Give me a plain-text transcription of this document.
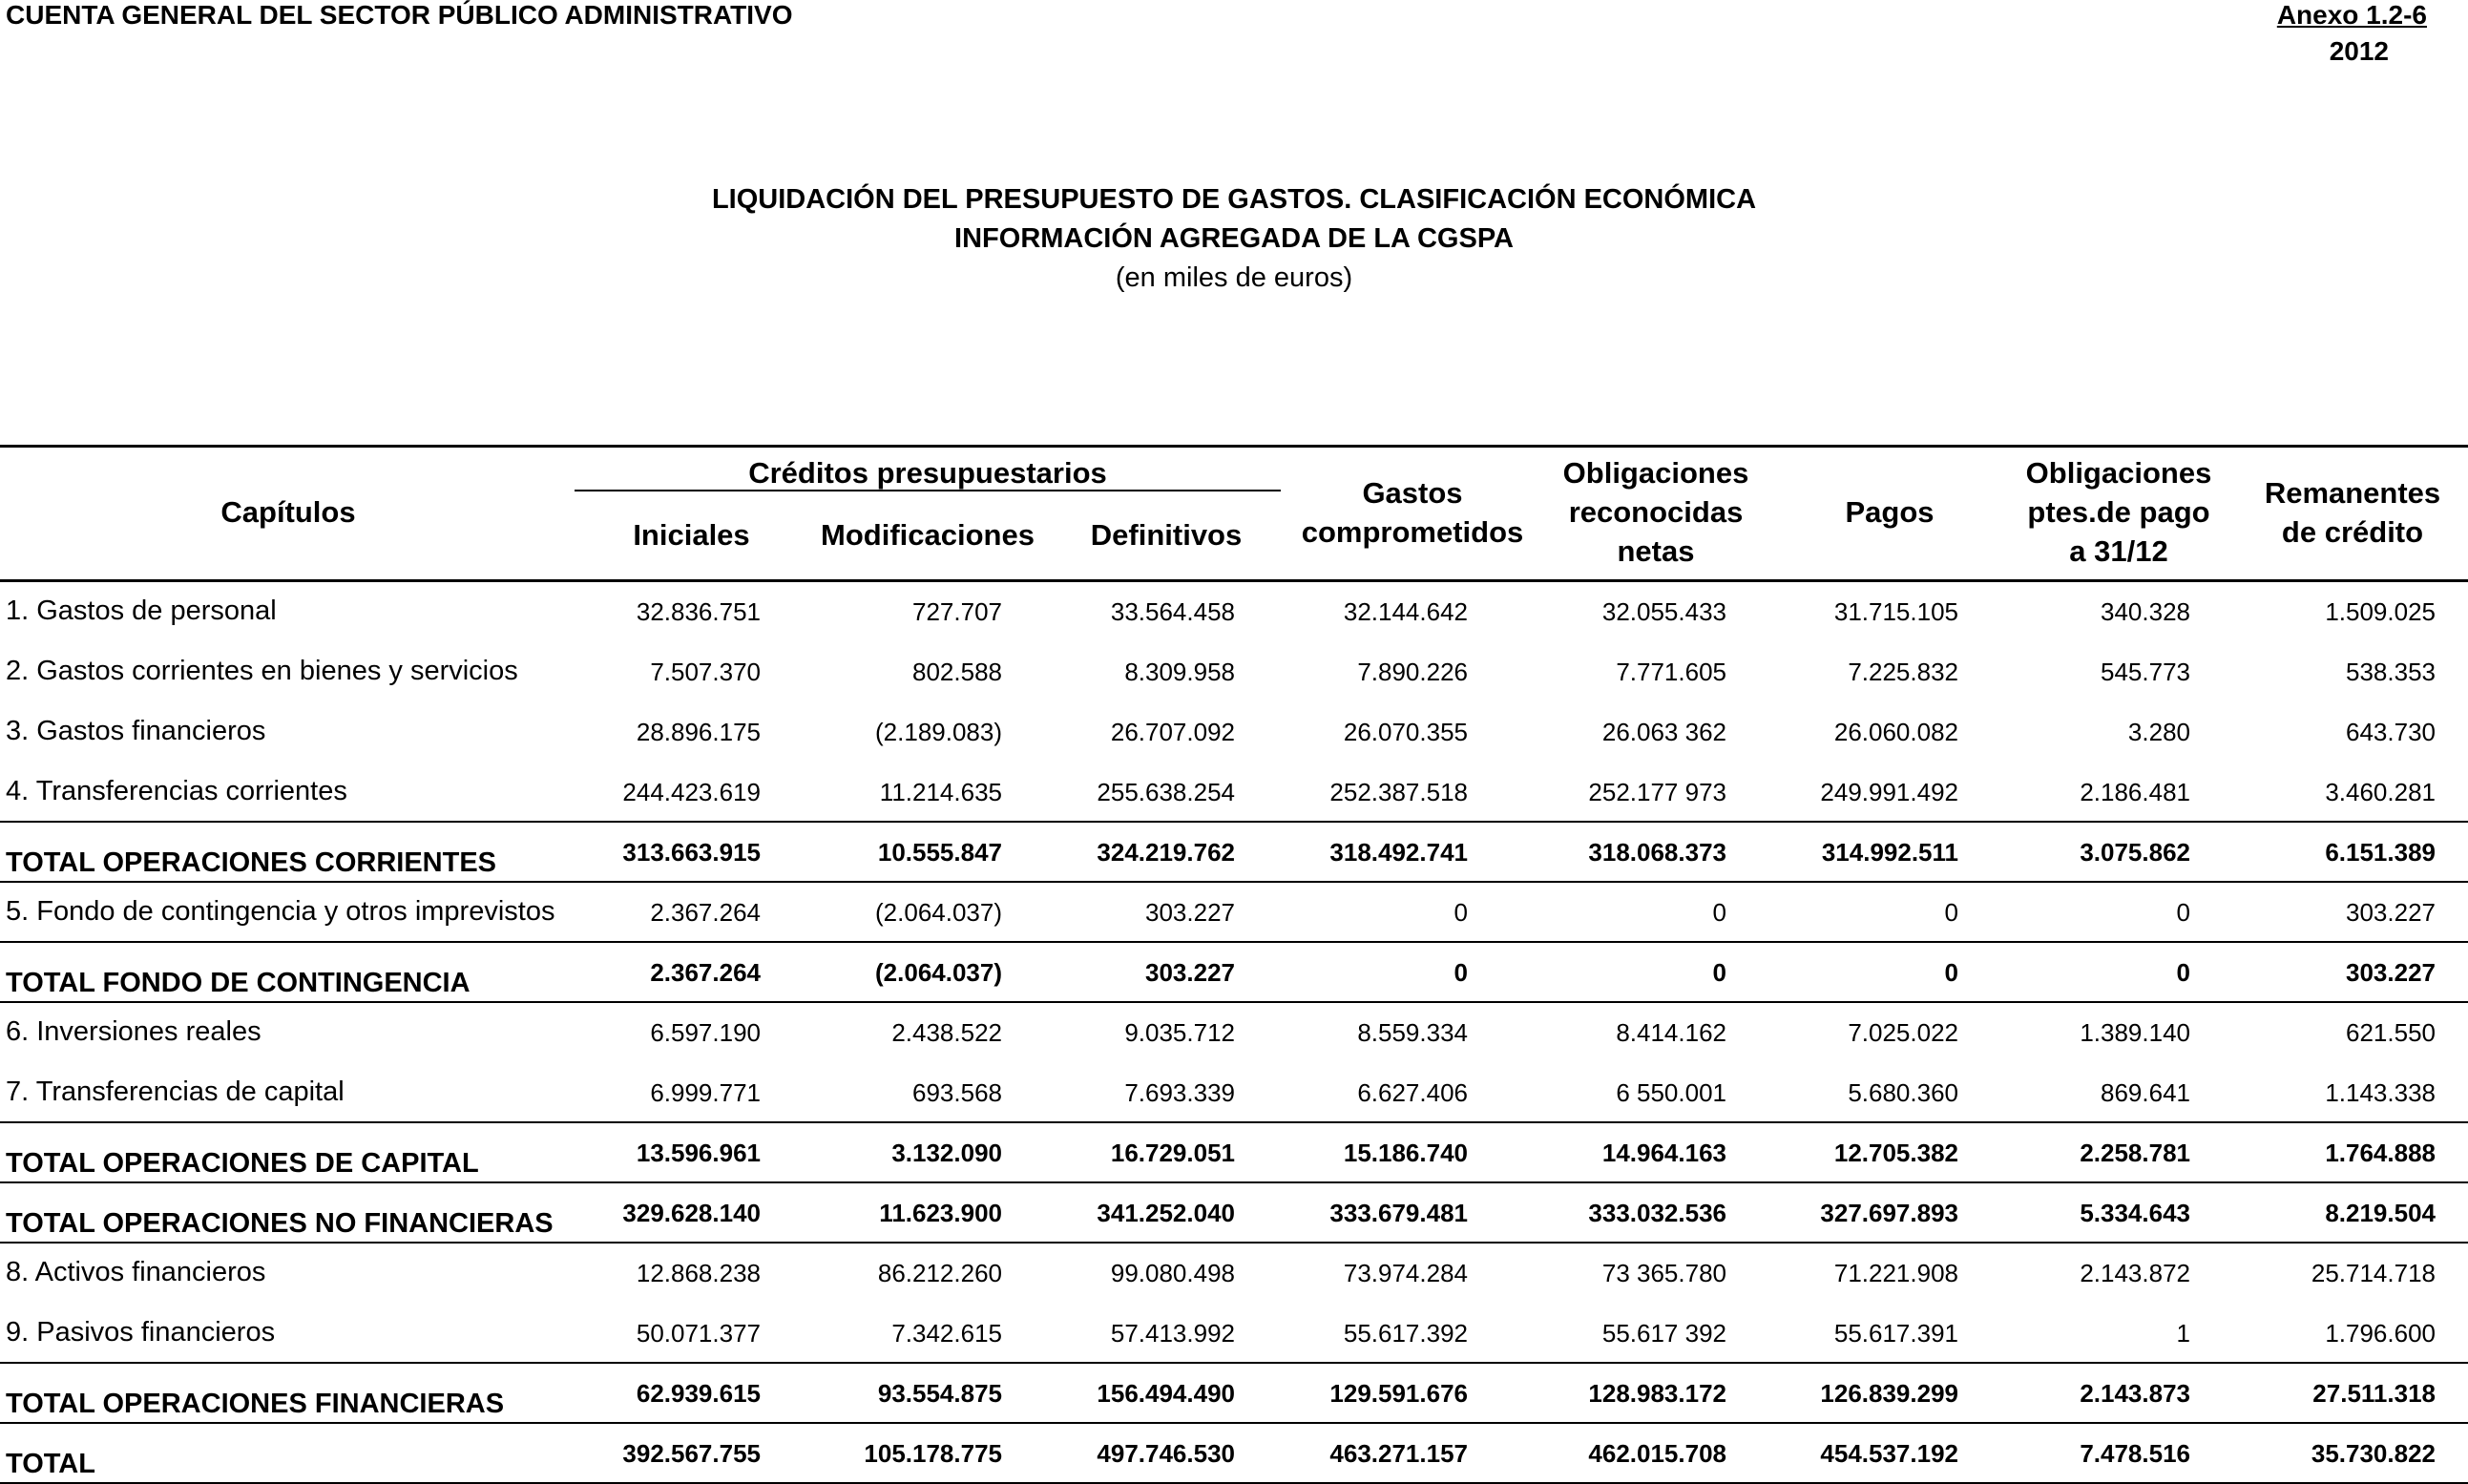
CUENTA GENERAL DEL SECTOR PÚBLICO ADMINISTRATIVO	Anexo 1.2-6
2012
LIQUIDACIÓN DEL PRESUPUESTO DE GASTOS. CLASIFICACIÓN ECONÓMICA
INFORMACIÓN AGREGADA DE LA CGSPA
(en miles de euros)
Capítulos
Créditos presupuestarios
Iniciales	Modificaciones	Definitivos
Gastos
comprometidos
Obligaciones
reconocidas
netas
Pagos
Obligaciones
ptes.de pago
a 31/12
Remanentes
de crédito
1. Gastos de personal	32.836.751	727.707	33.564.458	32.144.642	32.055.433	31.715.105	340.328	1.509.025
2. Gastos corrientes en bienes y servicios	7.507.370	802.588	8.309.958	7.890.226	7.771.605	7.225.832	545.773	538.353
3. Gastos financieros	28.896.175	(2.189.083)	26.707.092	26.070.355	26.063 362	26.060.082	3.280	643.730
4. Transferencias corrientes	244.423.619	11.214.635	255.638.254	252.387.518	252.177 973	249.991.492	2.186.481	3.460.281
TOTAL OPERACIONES CORRIENTES	313.663.915	10.555.847	324.219.762	318.492.741	318.068.373	314.992.511	3.075.862	6.151.389
5. Fondo de contingencia y otros imprevistos	2.367.264	(2.064.037)	303.227	0	0	0	0	303.227
TOTAL FONDO DE CONTINGENCIA	2.367.264	(2.064.037)	303.227	0	0	0	0	303.227
6. Inversiones reales	6.597.190	2.438.522	9.035.712	8.559.334	8.414.162	7.025.022	1.389.140	621.550
7. Transferencias de capital	6.999.771	693.568	7.693.339	6.627.406	6 550.001	5.680.360	869.641	1.143.338
TOTAL OPERACIONES DE CAPITAL	13.596.961	3.132.090	16.729.051	15.186.740	14.964.163	12.705.382	2.258.781	1.764.888
TOTAL OPERACIONES NO FINANCIERAS	329.628.140	11.623.900	341.252.040	333.679.481	333.032.536	327.697.893	5.334.643	8.219.504
8. Activos financieros	12.868.238	86.212.260	99.080.498	73.974.284	73 365.780	71.221.908	2.143.872	25.714.718
9. Pasivos financieros	50.071.377	7.342.615	57.413.992	55.617.392	55.617 392	55.617.391	1	1.796.600
TOTAL OPERACIONES FINANCIERAS	62.939.615	93.554.875	156.494.490	129.591.676	128.983.172	126.839.299	2.143.873	27.511.318
TOTAL	392.567.755	105.178.775	497.746.530	463.271.157	462.015.708	454.537.192	7.478.516	35.730.822
